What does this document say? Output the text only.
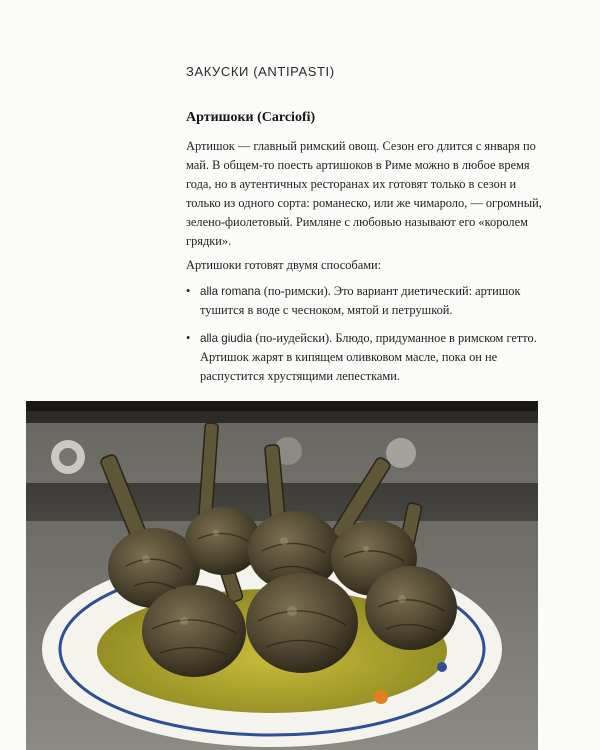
ЗАКУСКИ (ANTIPASTI)
Артишоки (Carciofi)
Артишок — главный римский овощ. Сезон его длится с января по май. В общем-то поесть артишоков в Риме можно в любое время года, но в аутентичных ресторанах их готовят только в сезон и только из одного сорта: романеско, или же чимароло, — огромный, зелено-фиолетовый. Римляне с любовью называют его «королем грядки».
Артишоки готовят двумя способами:
• alla romana (по-римски). Это вариант диетический: артишок тушится в воде с чесноком, мятой и петрушкой.
• alla giudia (по-иудейски). Блюдо, придуманное в римском гетто. Артишок жарят в кипящем оливковом масле, пока он не распустится хрустящими лепестками.
